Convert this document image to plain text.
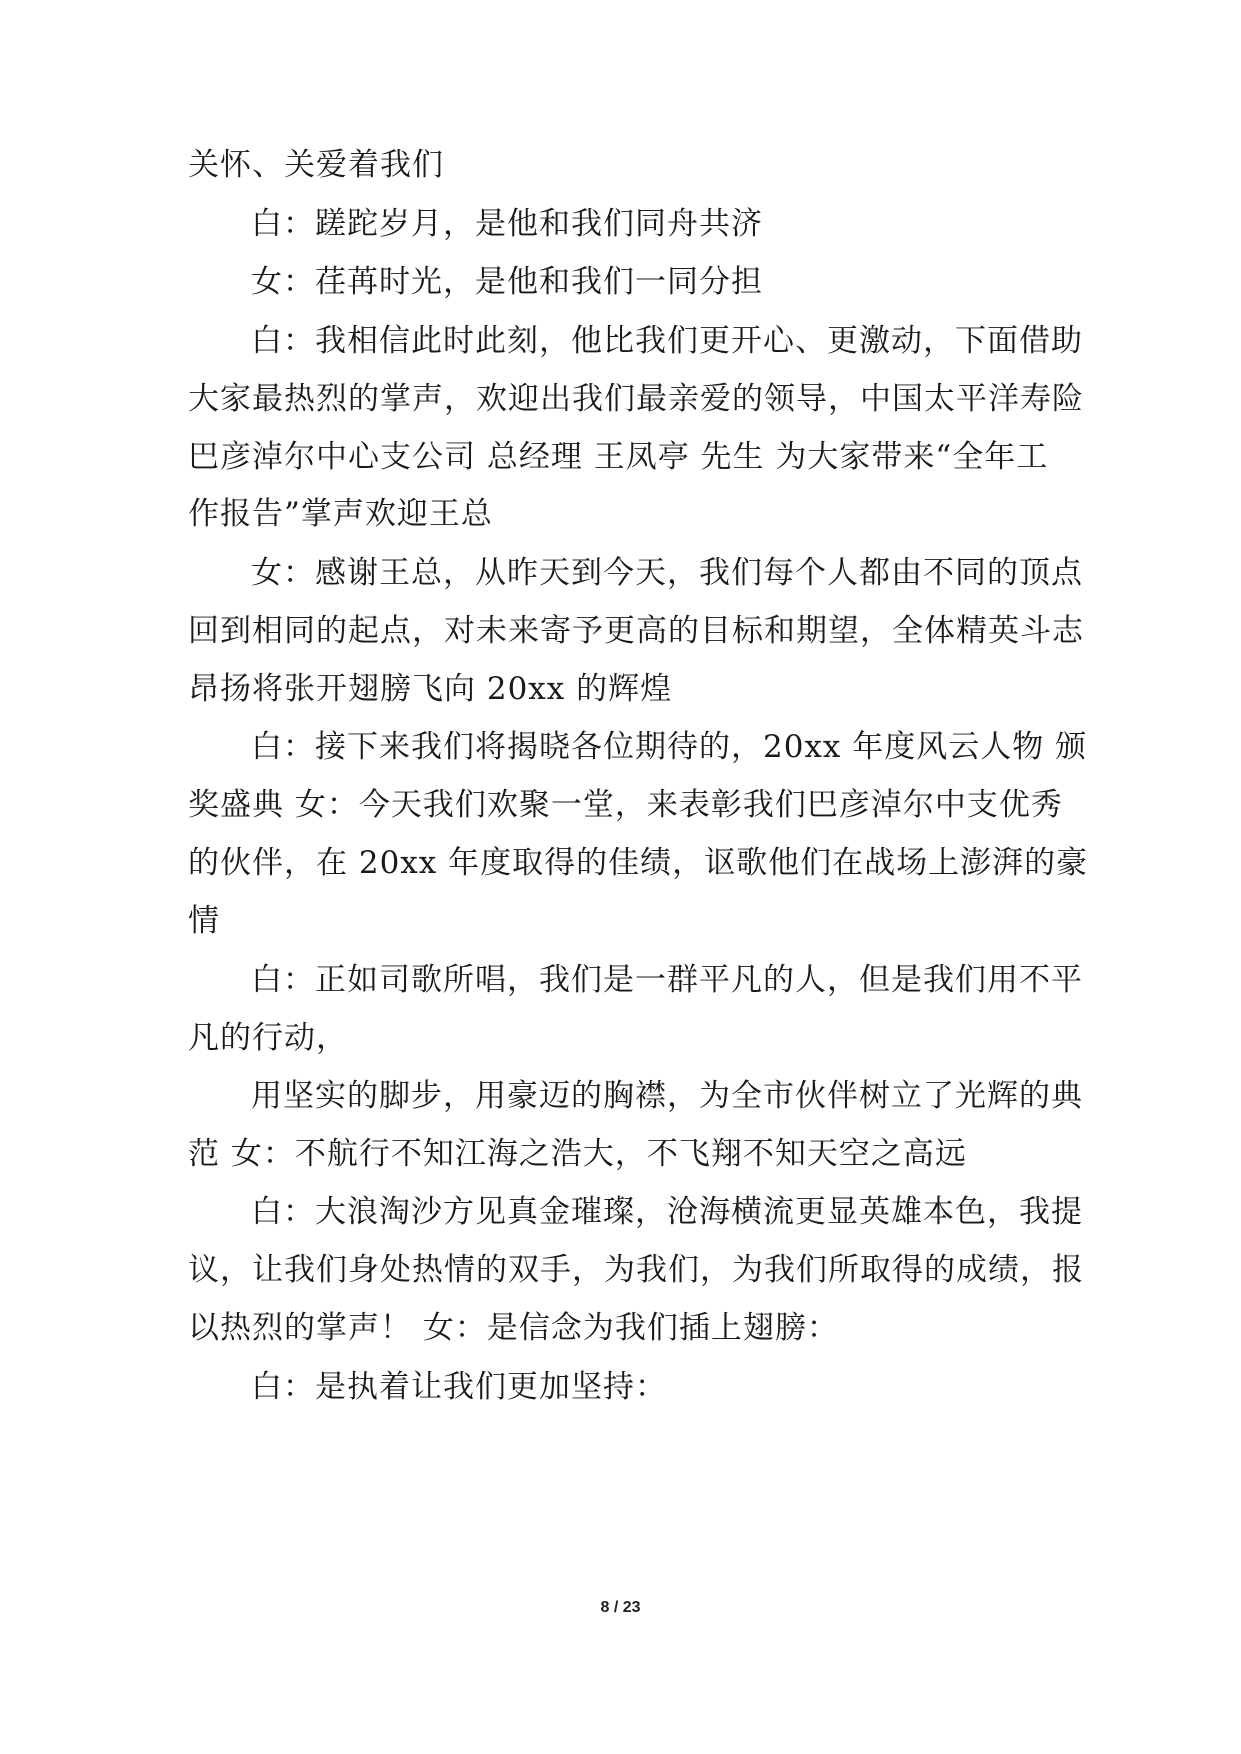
关怀、关爱着我们
白：蹉跎岁月，是他和我们同舟共济
女：荏苒时光，是他和我们一同分担
白：我相信此时此刻，他比我们更开心、更激动，下面借助
大家最热烈的掌声，欢迎出我们最亲爱的领导，中国太平洋寿险
巴彦淖尔中心支公司 总经理 王凤亭 先生 为大家带来“全年工
作报告”掌声欢迎王总
女：感谢王总，从昨天到今天，我们每个人都由不同的顶点
回到相同的起点，对未来寄予更高的目标和期望，全体精英斗志
昂扬将张开翅膀飞向 20xx 的辉煌
白：接下来我们将揭晓各位期待的，20xx 年度风云人物 颁
奖盛典 女：今天我们欢聚一堂，来表彰我们巴彦淖尔中支优秀
的伙伴，在 20xx 年度取得的佳绩，讴歌他们在战场上澎湃的豪
情
白：正如司歌所唱，我们是一群平凡的人，但是我们用不平
凡的行动，
用坚实的脚步，用豪迈的胸襟，为全市伙伴树立了光辉的典
范 女：不航行不知江海之浩大，不飞翔不知天空之高远
白：大浪淘沙方见真金璀璨，沧海横流更显英雄本色，我提
议，让我们身处热情的双手，为我们，为我们所取得的成绩，报
以热烈的掌声！ 女：是信念为我们插上翅膀：
白：是执着让我们更加坚持：
8 / 23
